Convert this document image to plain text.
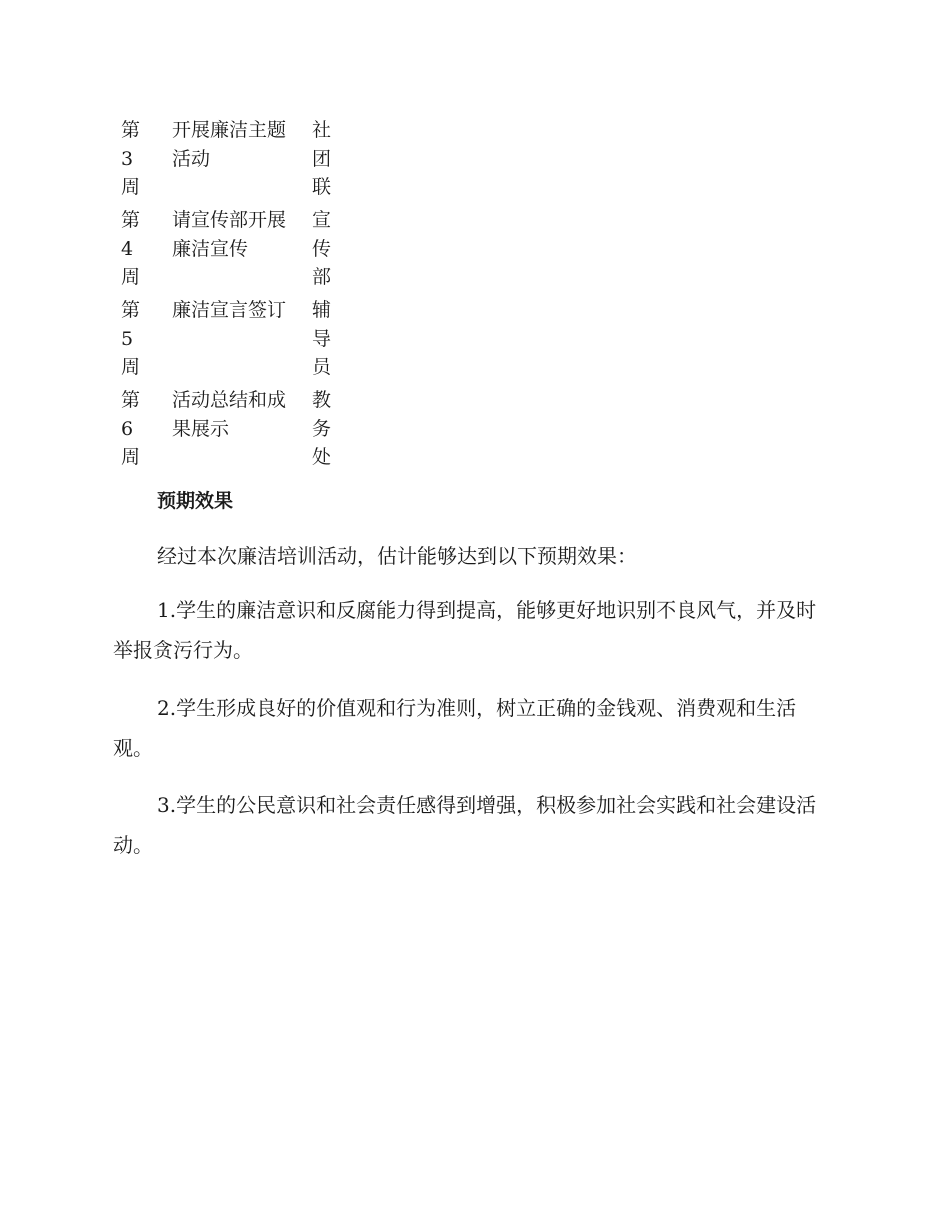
第3周
开展廉洁主题活动
社团联
第4周
请宣传部开展廉洁宣传
宣传部
第5周
廉洁宣言签订 辅导员
第6周
活动总结和成果展示
教务处
预期效果

经过本次廉洁培训活动，估计能够达到以下预期效果：

1.学生的廉洁意识和反腐能力得到提高，能够更好地识别不良风气，并及时举报贪污行为。

2.学生形成良好的价值观和行为准则，树立正确的金钱观、消费观和生活观。

3.学生的公民意识和社会责任感得到增强，积极参加社会实践和社会建设活动。
